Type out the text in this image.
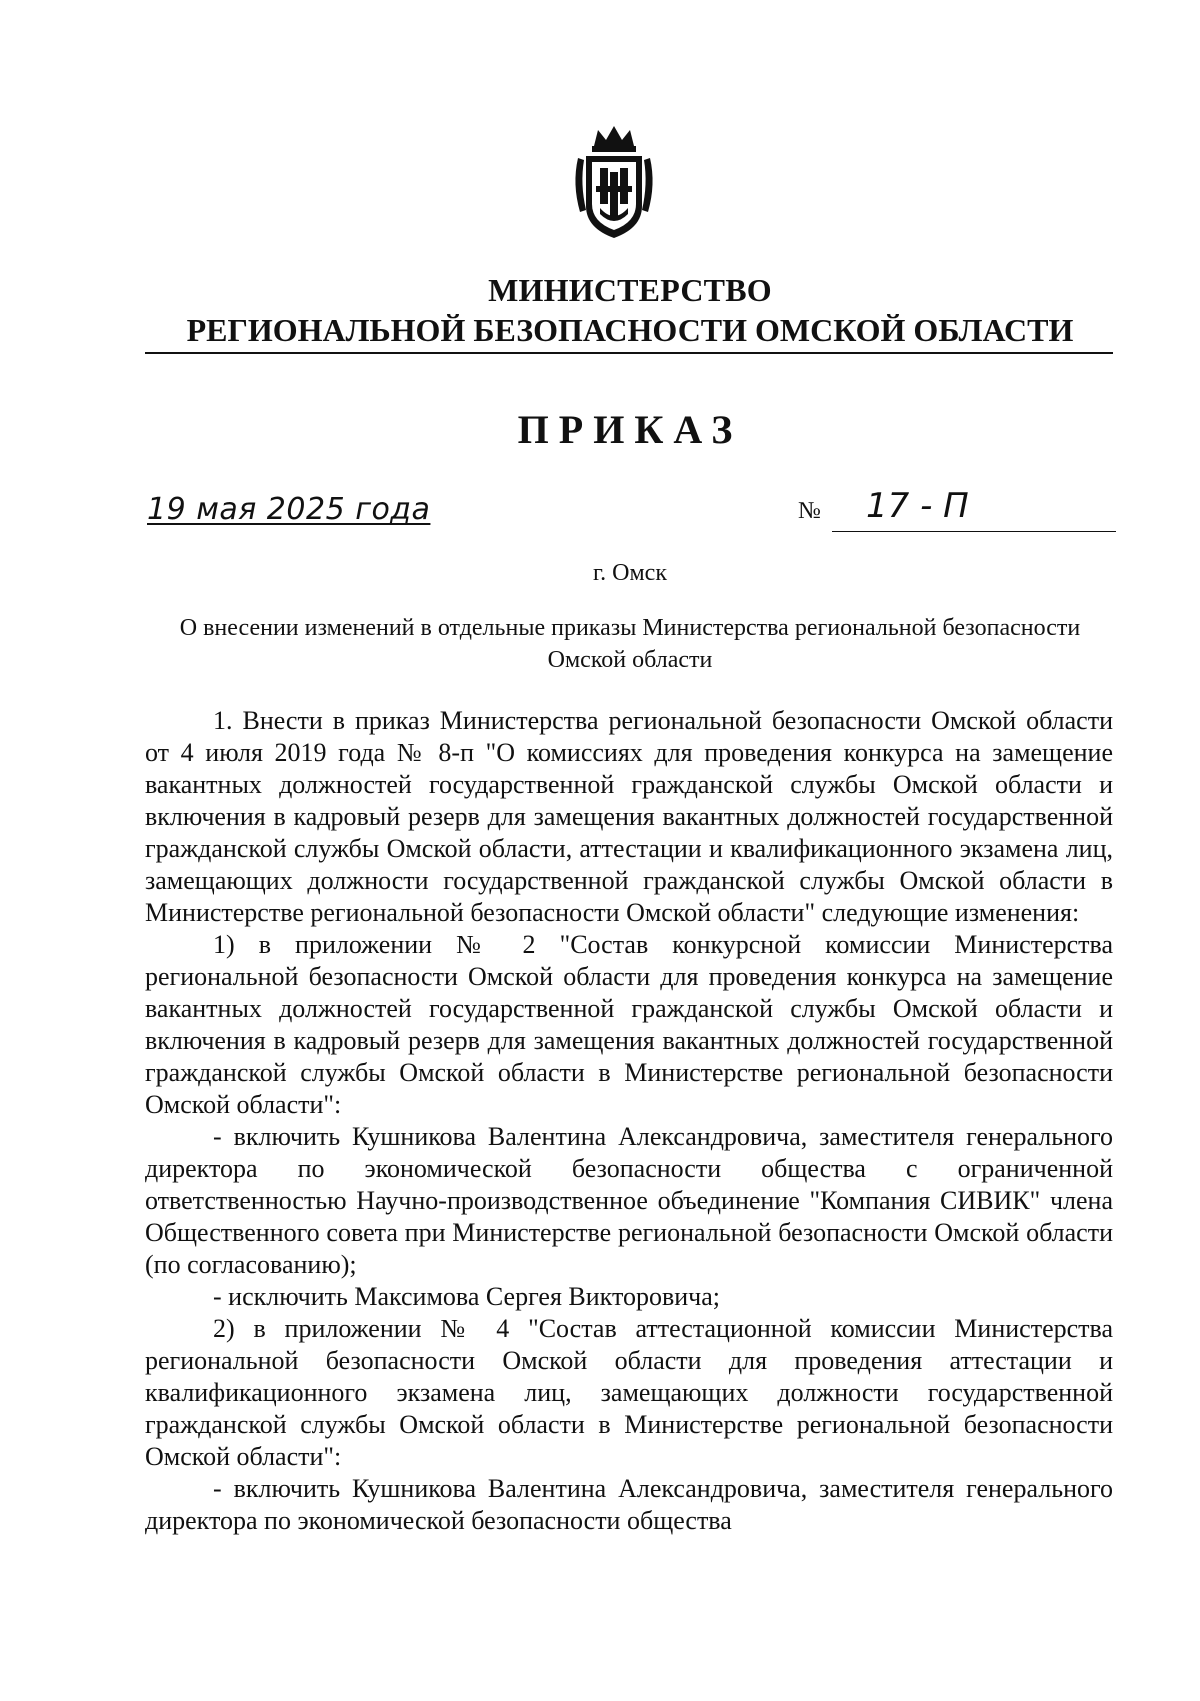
МИНИСТЕРСТВО
РЕГИОНАЛЬНОЙ БЕЗОПАСНОСТИ ОМСКОЙ ОБЛАСТИ
ПРИКАЗ
19 мая 2025 года	№ 17 - П
г. Омск
О внесении изменений в отдельные приказы Министерства региональной безопасности Омской области

1. Внести в приказ Министерства региональной безопасности Омской области от 4 июля 2019 года № 8-п "О комиссиях для проведения конкурса на замещение вакантных должностей государственной гражданской службы Омской области и включения в кадровый резерв для замещения вакантных должностей государственной гражданской службы Омской области, аттестации и квалификационного экзамена лиц, замещающих должности государственной гражданской службы Омской области в Министерстве региональной безопасности Омской области" следующие изменения:

1) в приложении № 2 "Состав конкурсной комиссии Министерства региональной безопасности Омской области для проведения конкурса на замещение вакантных должностей государственной гражданской службы Омской области и включения в кадровый резерв для замещения вакантных должностей государственной гражданской службы Омской области в Министерстве региональной безопасности Омской области":

- включить Кушникова Валентина Александровича, заместителя генерального директора по экономической безопасности общества с ограниченной ответственностью Научно-производственное объединение "Компания СИВИК" члена Общественного совета при Министерстве региональной безопасности Омской области (по согласованию);

- исключить Максимова Сергея Викторовича;

2) в приложении № 4 "Состав аттестационной комиссии Министерства региональной безопасности Омской области для проведения аттестации и квалификационного экзамена лиц, замещающих должности государственной гражданской службы Омской области в Министерстве региональной безопасности Омской области":

- включить Кушникова Валентина Александровича, заместителя генерального директора по экономической безопасности общества
